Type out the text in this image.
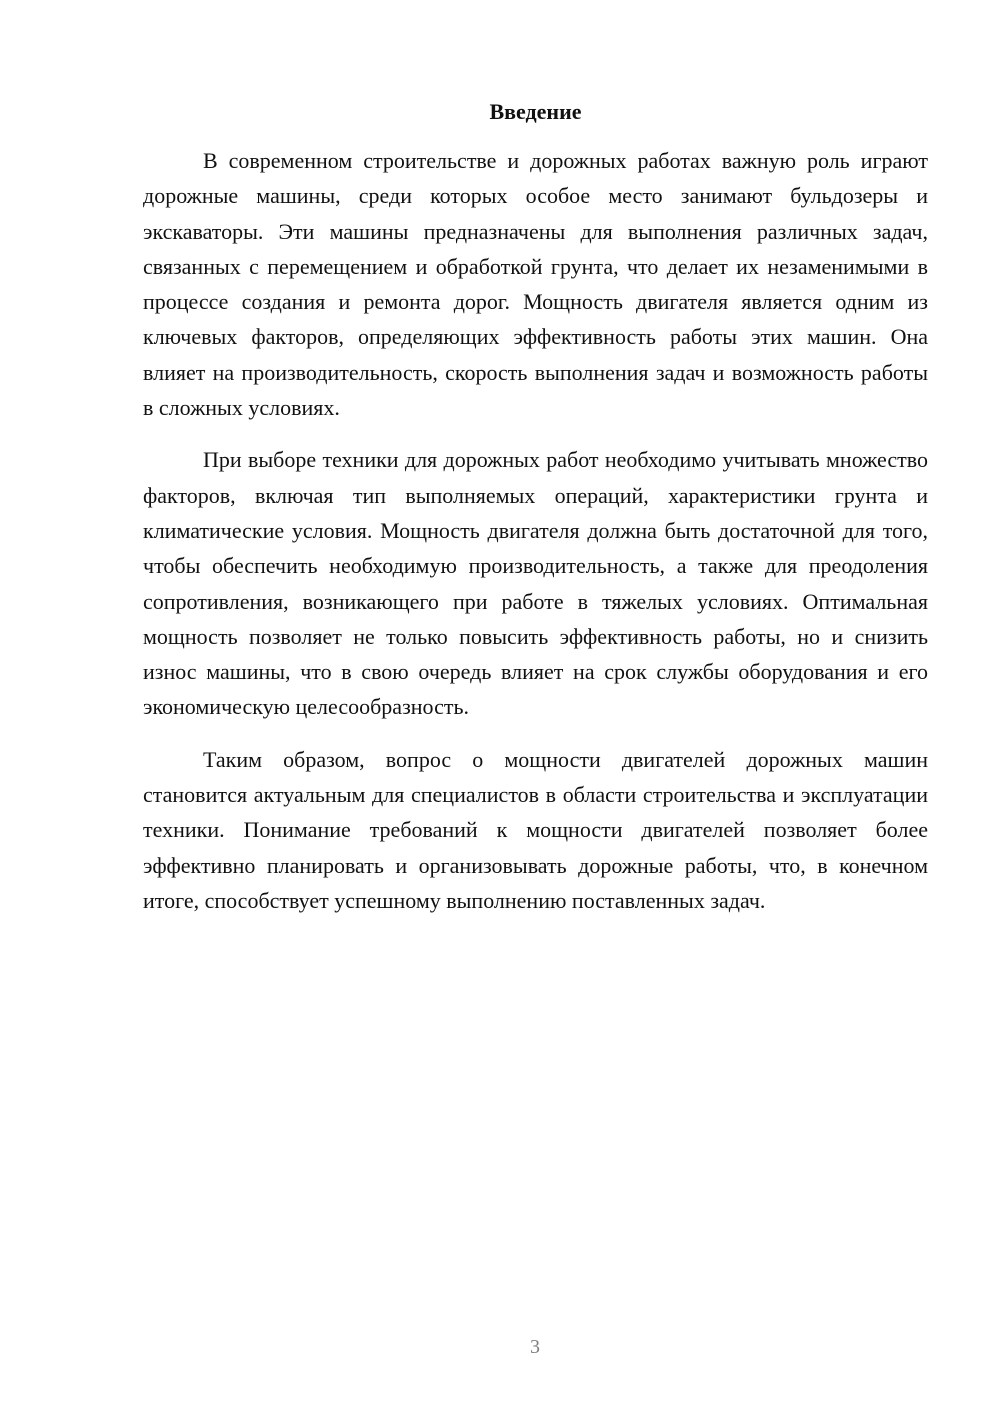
Введение

В современном строительстве и дорожных работах важную роль играют дорожные машины, среди которых особое место занимают бульдозеры и экскаваторы. Эти машины предназначены для выполнения различных задач, связанных с перемещением и обработкой грунта, что делает их незаменимыми в процессе создания и ремонта дорог. Мощность двигателя является одним из ключевых факторов, определяющих эффективность работы этих машин. Она влияет на производительность, скорость выполнения задач и возможность работы в сложных условиях.

При выборе техники для дорожных работ необходимо учитывать множество факторов, включая тип выполняемых операций, характеристики грунта и климатические условия. Мощность двигателя должна быть достаточной для того, чтобы обеспечить необходимую производительность, а также для преодоления сопротивления, возникающего при работе в тяжелых условиях. Оптимальная мощность позволяет не только повысить эффективность работы, но и снизить износ машины, что в свою очередь влияет на срок службы оборудования и его экономическую целесообразность.

Таким образом, вопрос о мощности двигателей дорожных машин становится актуальным для специалистов в области строительства и эксплуатации техники. Понимание требований к мощности двигателей позволяет более эффективно планировать и организовывать дорожные работы, что, в конечном итоге, способствует успешному выполнению поставленных задач.

3
